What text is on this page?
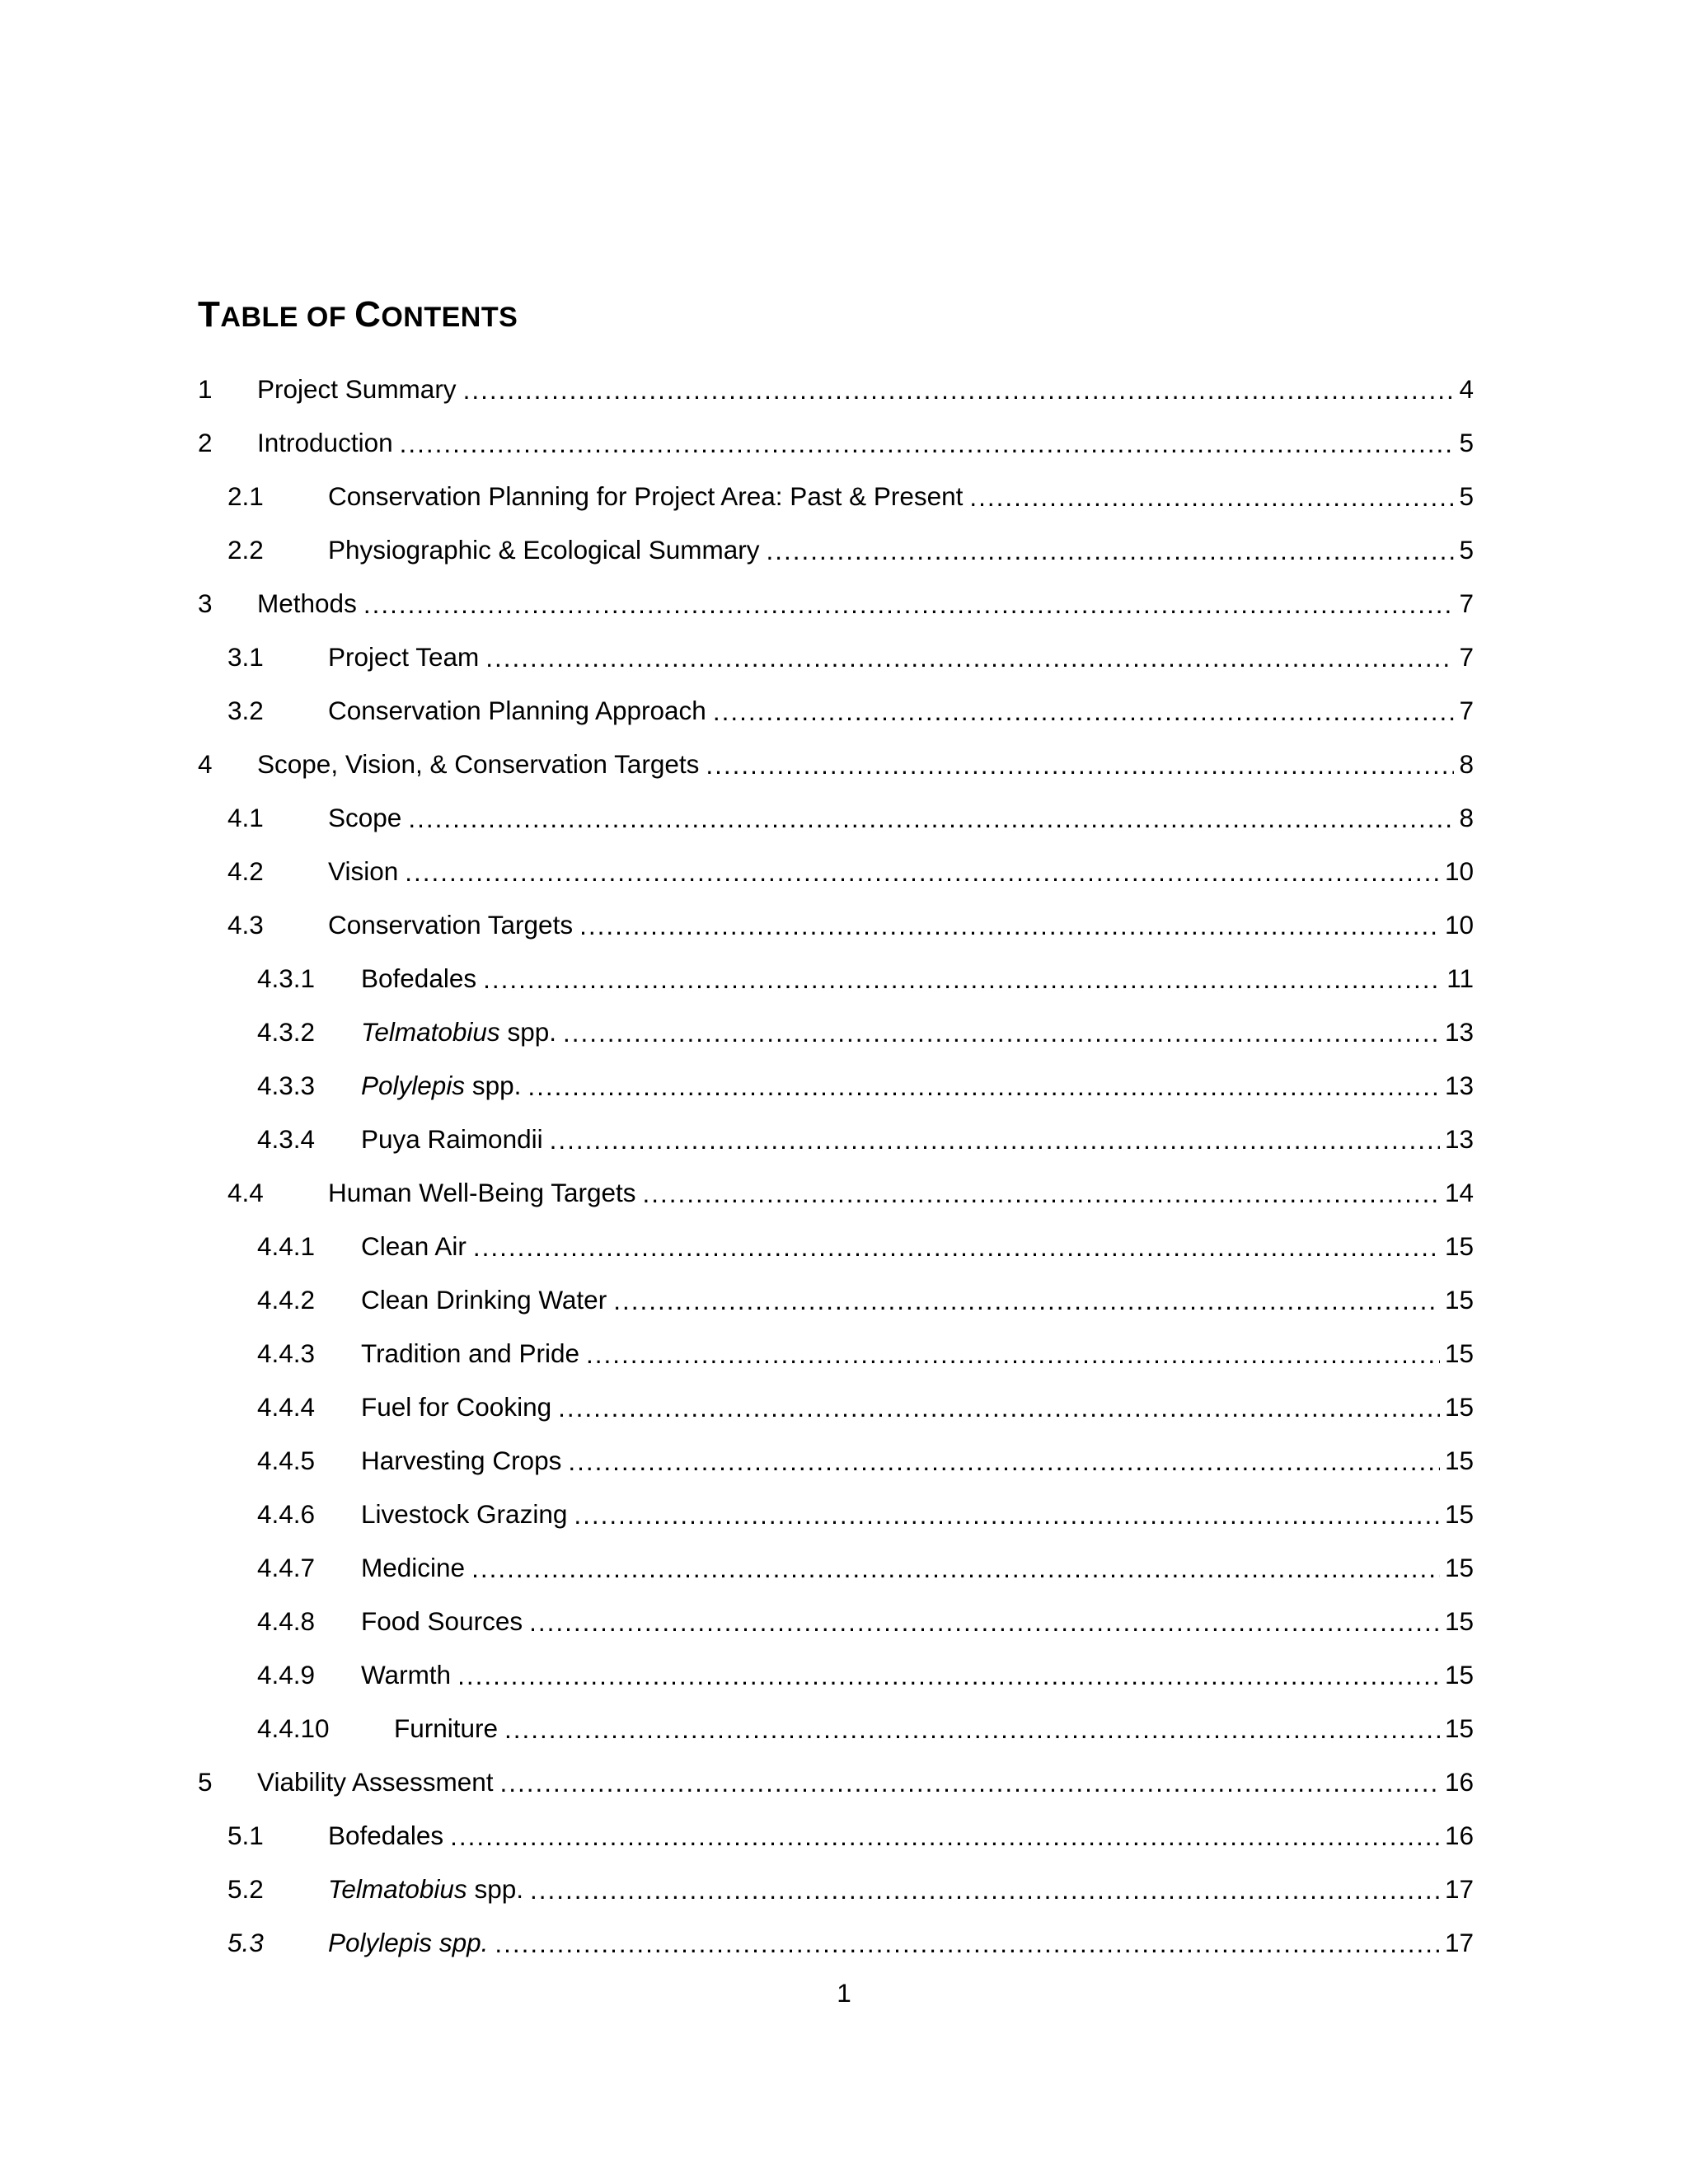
TABLE OF CONTENTS
1	Project Summary .....	4
2	Introduction .....	5
2.1	Conservation Planning for Project Area: Past & Present .....	5
2.2	Physiographic & Ecological Summary .....	5
3	Methods .....	7
3.1	Project Team .....	7
3.2	Conservation Planning Approach .....	7
4	Scope, Vision, & Conservation Targets .....	8
4.1	Scope .....	8
4.2	Vision .....	10
4.3	Conservation Targets .....	10
4.3.1	Bofedales .....	11
4.3.2	Telmatobius spp. .....	13
4.3.3	Polylepis spp. .....	13
4.3.4	Puya Raimondii .....	13
4.4	Human Well-Being Targets .....	14
4.4.1	Clean Air .....	15
4.4.2	Clean Drinking Water .....	15
4.4.3	Tradition and Pride .....	15
4.4.4	Fuel for Cooking .....	15
4.4.5	Harvesting Crops .....	15
4.4.6	Livestock Grazing .....	15
4.4.7	Medicine .....	15
4.4.8	Food Sources .....	15
4.4.9	Warmth .....	15
4.4.10	Furniture .....	15
5	Viability Assessment .....	16
5.1	Bofedales .....	16
5.2	Telmatobius spp. .....	17
5.3	Polylepis spp. .....	17
1
